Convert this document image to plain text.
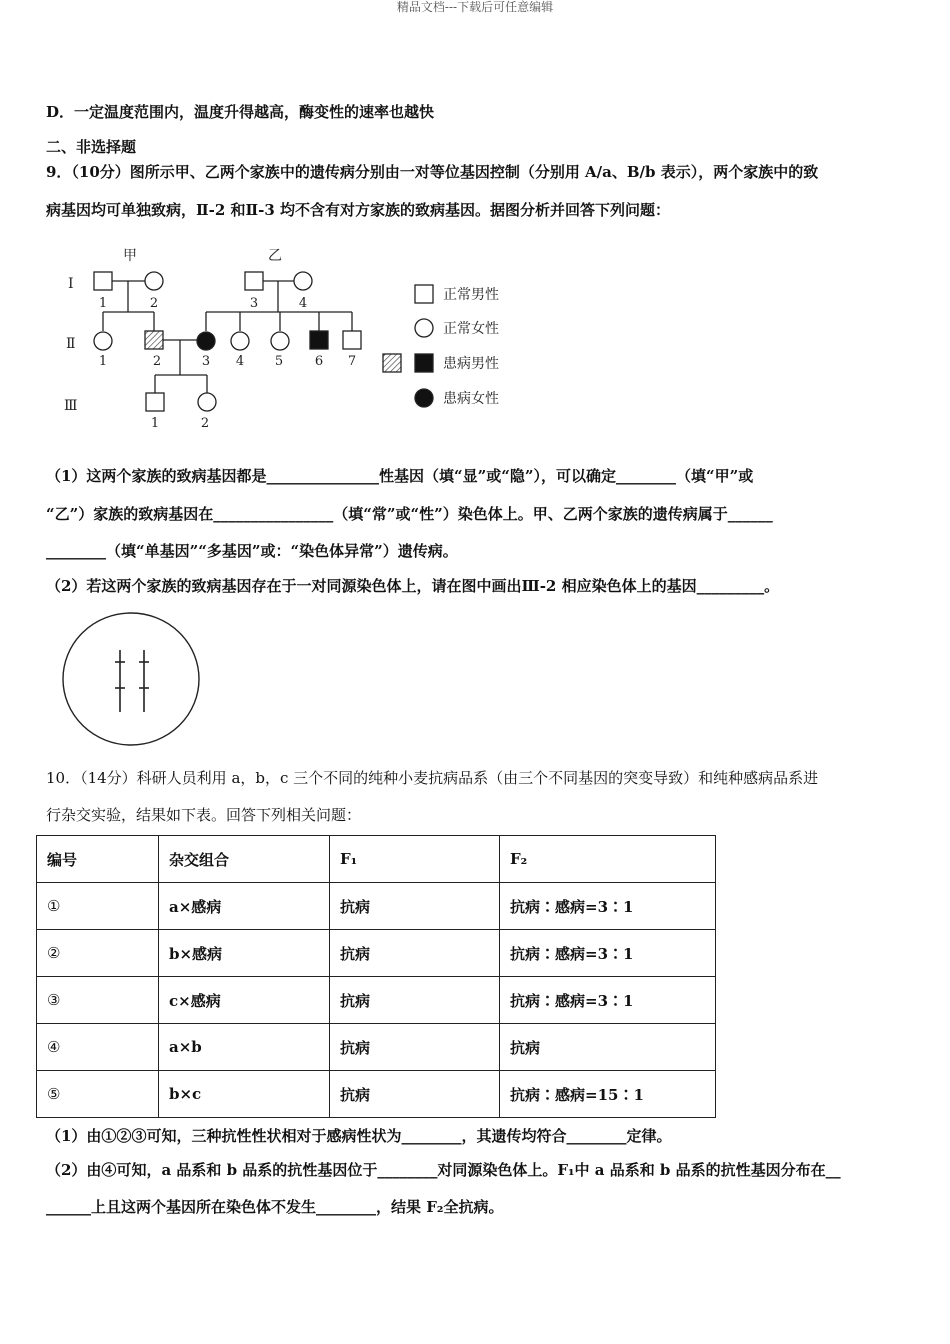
精品文档---下载后可任意编辑
D．一定温度范围内，温度升得越高，酶变性的速率也越快
二、非选择题
9．（10分）图所示甲、乙两个家族中的遗传病分别由一对等位基因控制（分别用 A/a、B/b 表示），两个家族中的致
病基因均可单独致病，Ⅱ-2 和Ⅱ-3 均不含有对方家族的致病基因。据图分析并回答下列问题：
甲	乙
Ⅰ
Ⅱ
Ⅲ
1	2	3	4
1	2	3 4 5 6 7
1	2
正常男性
正常女性
患病男性
患病女性
（1）这两个家族的致病基因都是_______________性基因（填“显”或“隐”），可以确定________（填“甲”或
“乙”）家族的致病基因在________________（填“常”或“性”）染色体上。甲、乙两个家族的遗传病属于______
________（填“单基因”“多基因”或：“染色体异常”）遗传病。
（2）若这两个家族的致病基因存在于一对同源染色体上，请在图中画出Ⅲ-2 相应染色体上的基因_________。
10．（14分）科研人员利用 a，b，c 三个不同的纯种小麦抗病品系（由三个不同基因的突变导致）和纯种感病品系进
行杂交实验，结果如下表。回答下列相关问题：
编号	杂交组合	F₁	F₂
①	a×感病	抗病	抗病∶感病=3∶1
②	b×感病	抗病	抗病∶感病=3∶1
③	c×感病	抗病	抗病∶感病=3∶1
④	a×b	抗病	抗病
⑤	b×c	抗病	抗病∶感病=15∶1
（1）由①②③可知，三种抗性性状相对于感病性状为________，其遗传均符合________定律。
（2）由④可知，a 品系和 b 品系的抗性基因位于________对同源染色体上。F₁中 a 品系和 b 品系的抗性基因分布在__
______上且这两个基因所在染色体不发生________，结果 F₂全抗病。
